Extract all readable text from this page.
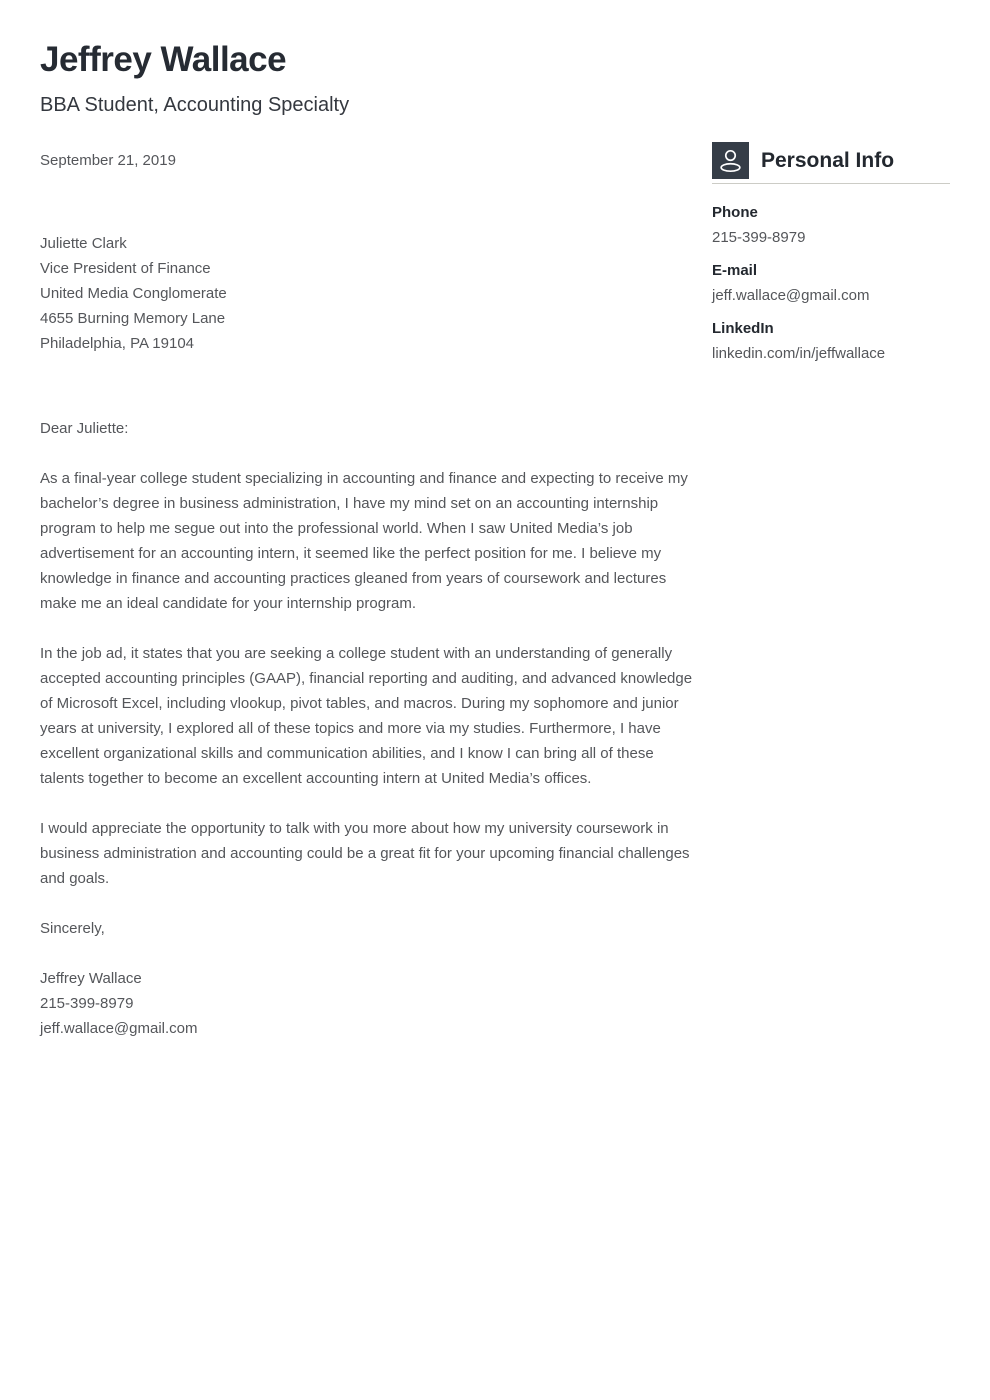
Jeffrey Wallace
BBA Student, Accounting Specialty
September 21, 2019
Juliette Clark
Vice President of Finance
United Media Conglomerate
4655 Burning Memory Lane
Philadelphia, PA 19104
Dear Juliette:

As a final-year college student specializing in accounting and finance and expecting to receive my bachelor’s degree in business administration, I have my mind set on an accounting internship program to help me segue out into the professional world. When I saw United Media’s job advertisement for an accounting intern, it seemed like the perfect position for me. I believe my knowledge in finance and accounting practices gleaned from years of coursework and lectures make me an ideal candidate for your internship program.

In the job ad, it states that you are seeking a college student with an understanding of generally accepted accounting principles (GAAP), financial reporting and auditing, and advanced knowledge of Microsoft Excel, including vlookup, pivot tables, and macros. During my sophomore and junior years at university, I explored all of these topics and more via my studies. Furthermore, I have excellent organizational skills and communication abilities, and I know I can bring all of these talents together to become an excellent accounting intern at United Media’s offices.

I would appreciate the opportunity to talk with you more about how my university coursework in business administration and accounting could be a great fit for your upcoming financial challenges and goals.

Sincerely,
Jeffrey Wallace
215-399-8979
jeff.wallace@gmail.com
Personal Info
Phone
215-399-8979
E-mail
jeff.wallace@gmail.com
LinkedIn
linkedin.com/in/jeffwallace
